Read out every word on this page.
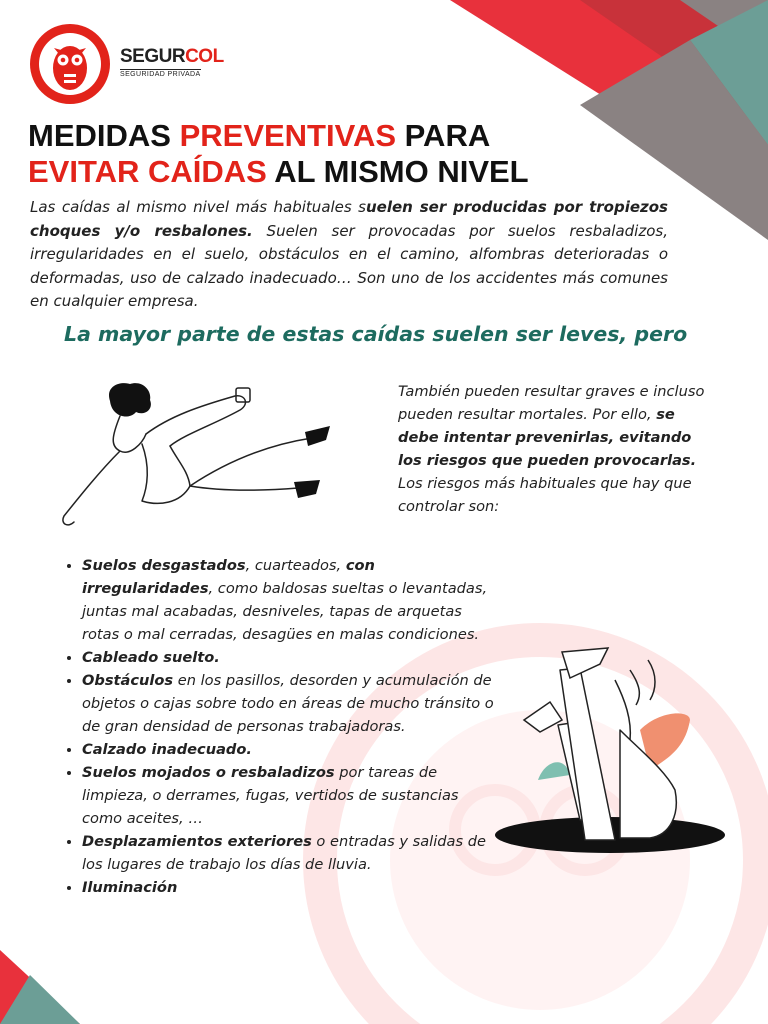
SEGURCOL
SEGURIDAD PRIVADA
MEDIDAS PREVENTIVAS PARA
EVITAR CAÍDAS AL MISMO NIVEL
Las caídas al mismo nivel más habituales suelen ser producidas por tropiezos choques y/o resbalones. Suelen ser provocadas por suelos resbaladizos, irregularidades en el suelo, obstáculos en el camino, alfombras deterioradas o deformadas, uso de calzado inadecuado… Son uno de los accidentes más comunes en cualquier empresa.
La mayor parte de estas caídas suelen ser leves, pero
También pueden resultar graves e incluso pueden resultar mortales. Por ello, se debe intentar prevenirlas, evitando los riesgos que pueden provocarlas. Los riesgos más habituales que hay que controlar son:
• Suelos desgastados, cuarteados, con irregularidades, como baldosas sueltas o levantadas, juntas mal acabadas, desniveles, tapas de arquetas rotas o mal cerradas, desagües en malas condiciones.
• Cableado suelto.
• Obstáculos en los pasillos, desorden y acumulación de objetos o cajas sobre todo en áreas de mucho tránsito o de gran densidad de personas trabajadoras.
• Calzado inadecuado.
• Suelos mojados o resbaladizos por tareas de limpieza, o derrames, fugas, vertidos de sustancias como aceites, …
• Desplazamientos exteriores o entradas y salidas de los lugares de trabajo los días de lluvia.
• Iluminación
